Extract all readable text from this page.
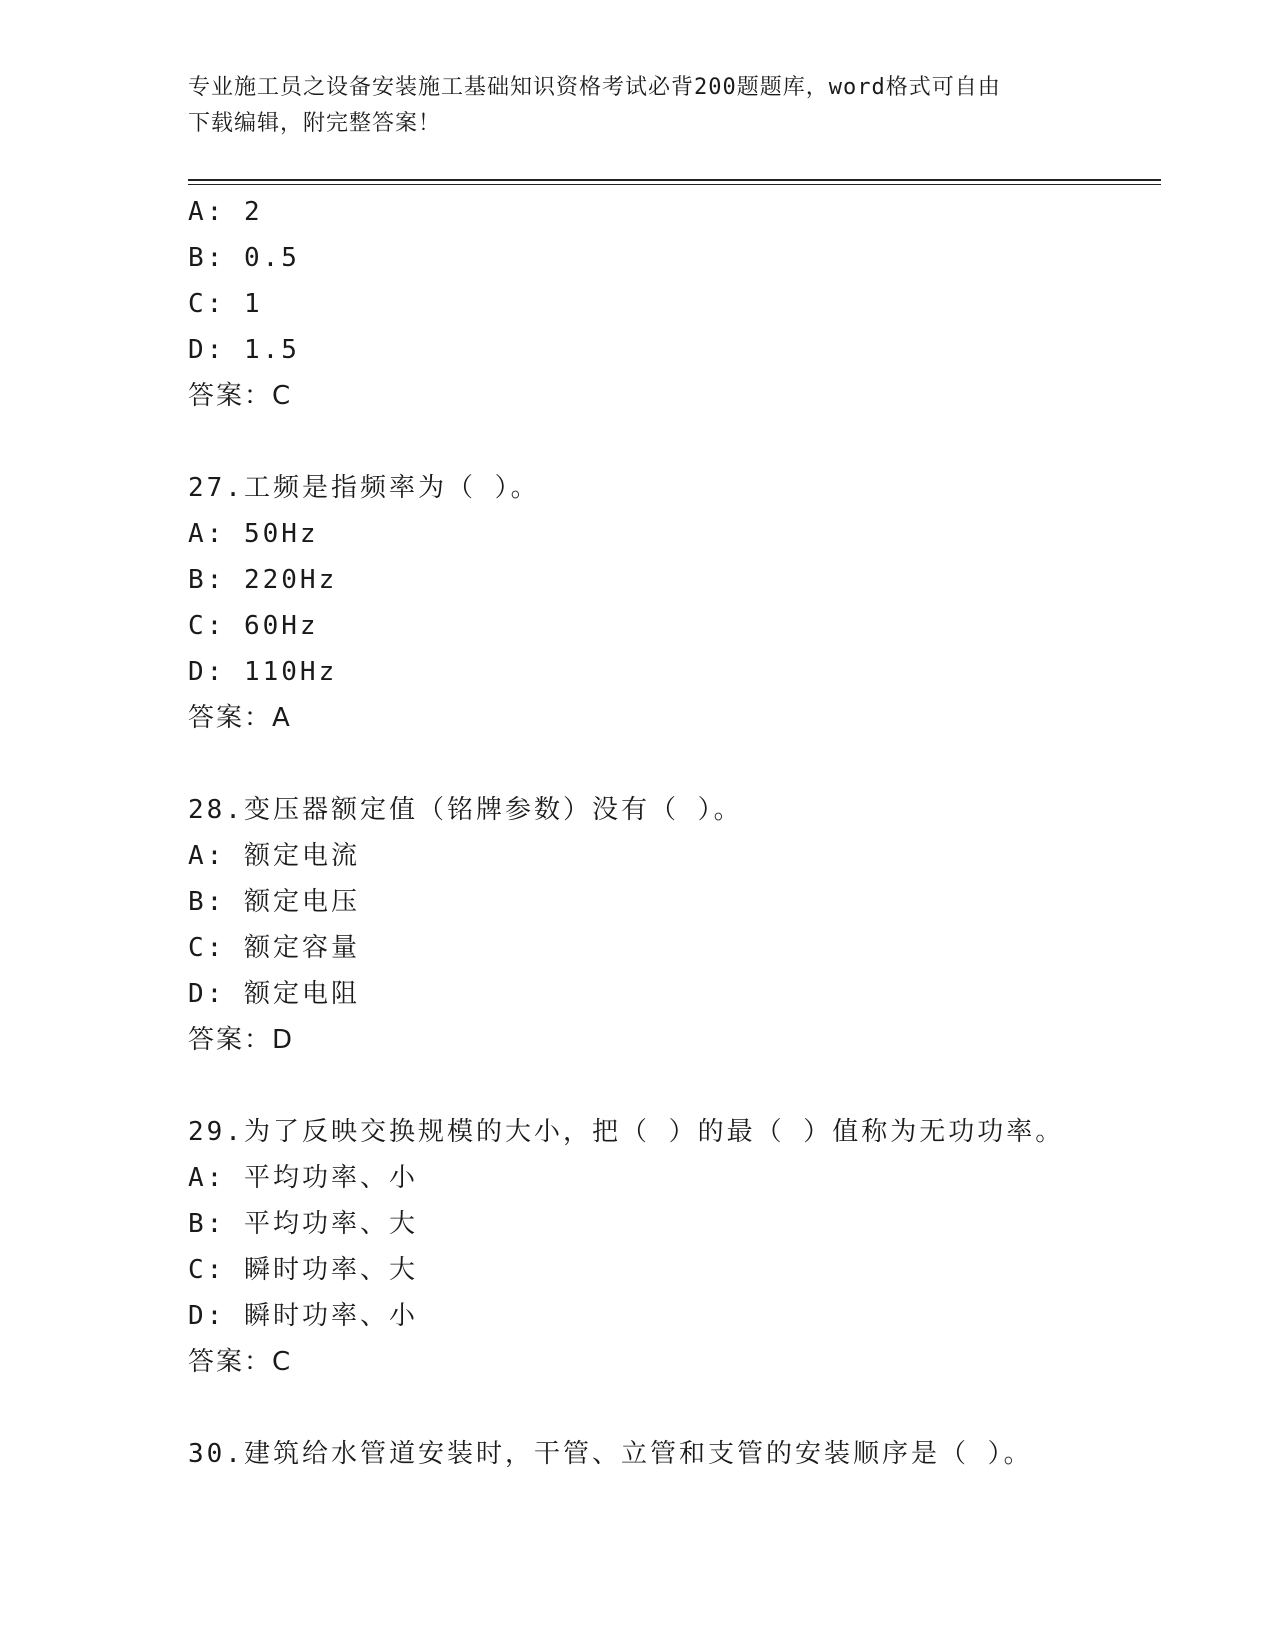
专业施工员之设备安装施工基础知识资格考试必背200题题库，word格式可自由
下载编辑，附完整答案！
A: 2
B: 0.5
C: 1
D: 1.5
答案：C
27.工频是指频率为（ ）。
A: 50Hz
B: 220Hz
C: 60Hz
D: 110Hz
答案：A
28.变压器额定值（铭牌参数）没有（ ）。
A: 额定电流
B: 额定电压
C: 额定容量
D: 额定电阻
答案：D
29.为了反映交换规模的大小，把（ ）的最（ ）值称为无功功率。
A: 平均功率、小
B: 平均功率、大
C: 瞬时功率、大
D: 瞬时功率、小
答案：C
30.建筑给水管道安装时，干管、立管和支管的安装顺序是（ ）。
